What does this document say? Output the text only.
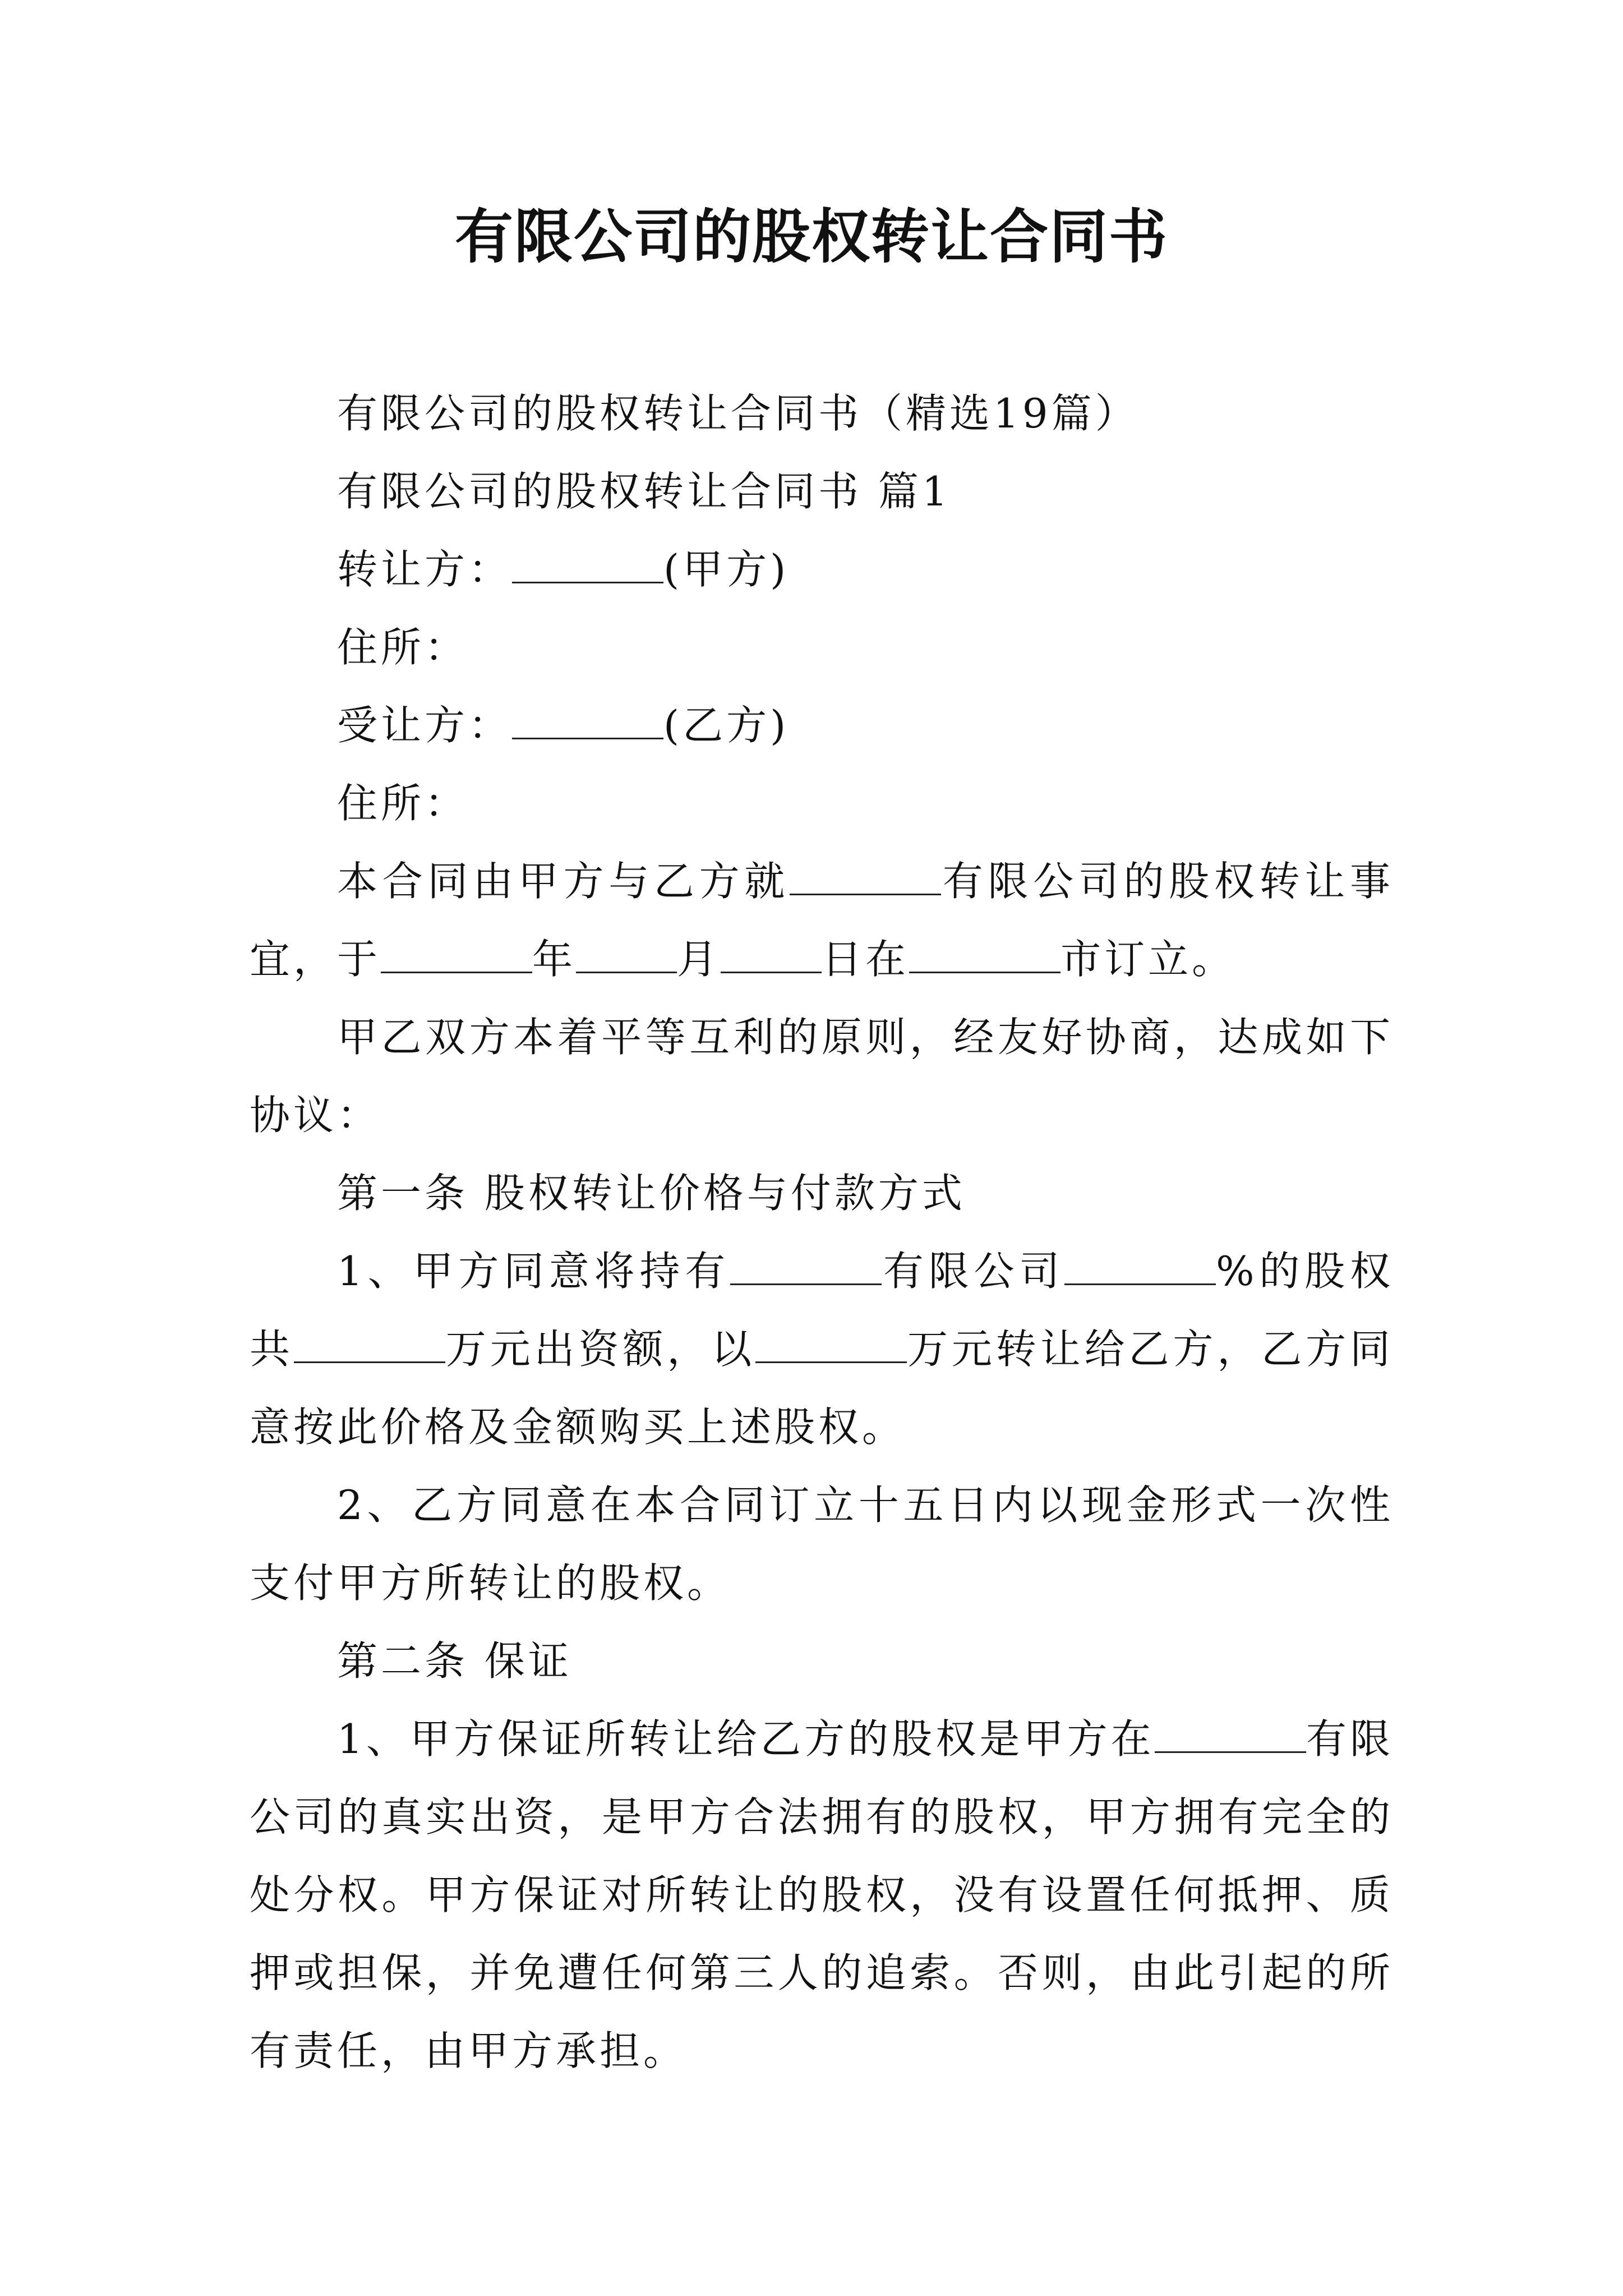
有限公司的股权转让合同书

有限公司的股权转让合同书（精选19篇）

有限公司的股权转让合同书 篇1

转让方：	(甲方)

住所：

受让方：	(乙方)

住所：

本合同由甲方与乙方就	有限公司的股权转让事宜，于	年	月	日在	市订立。

甲乙双方本着平等互利的原则，经友好协商，达成如下协议：

第一条 股权转让价格与付款方式

1、甲方同意将持有	有限公司	%的股权共	万元出资额，以	万元转让给乙方，乙方同意按此价格及金额购买上述股权。

2、乙方同意在本合同订立十五日内以现金形式一次性支付甲方所转让的股权。

第二条 保证

1、甲方保证所转让给乙方的股权是甲方在	有限公司的真实出资，是甲方合法拥有的股权，甲方拥有完全的处分权。甲方保证对所转让的股权，没有设置任何抵押、质押或担保，并免遭任何第三人的追索。否则，由此引起的所有责任，由甲方承担。
